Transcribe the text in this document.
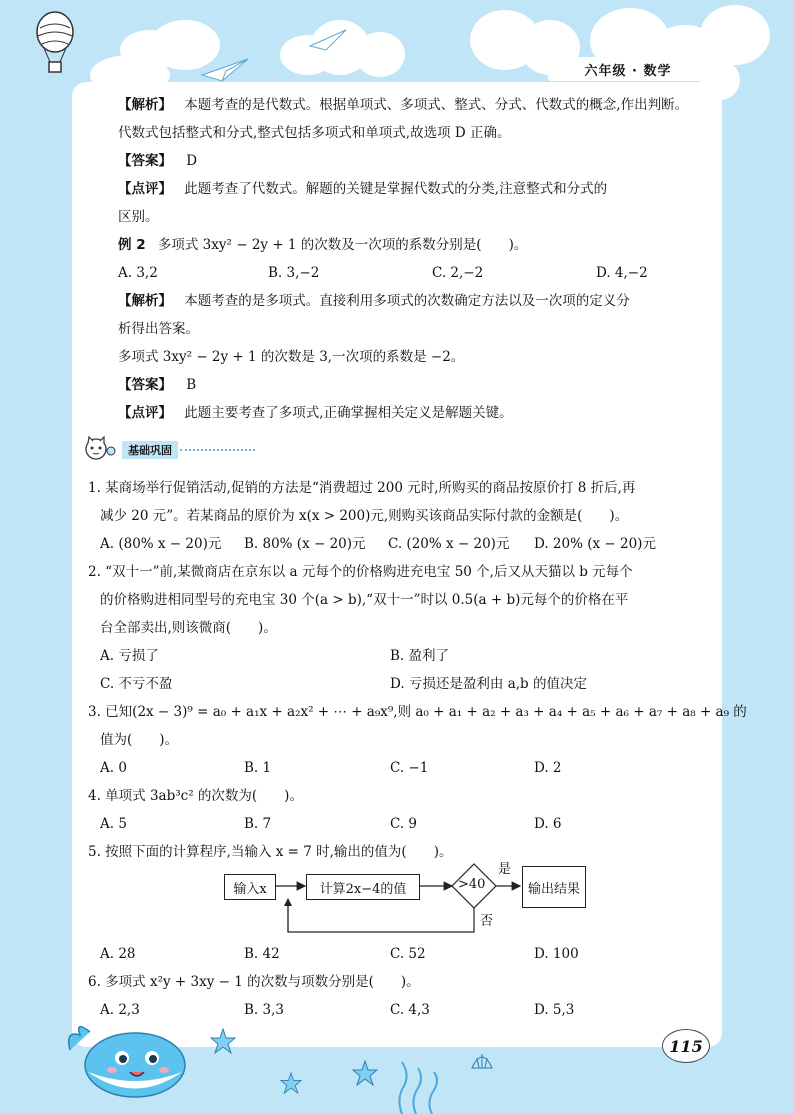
六年级 · 数学
【解析】 本题考查的是代数式。根据单项式、多项式、整式、分式、代数式的概念,作出判断。
代数式包括整式和分式,整式包括多项式和单项式,故选项 D 正确。
【答案】 D
【点评】 此题考查了代数式。解题的关键是掌握代数式的分类,注意整式和分式的
区别。
例 2 多项式 3xy² − 2y + 1 的次数及一次项的系数分别是(　　)。
A. 3,2	B. 3,−2	C. 2,−2	D. 4,−2
【解析】 本题考查的是多项式。直接利用多项式的次数确定方法以及一次项的定义分
析得出答案。
多项式 3xy² − 2y + 1 的次数是 3,一次项的系数是 −2。
【答案】 B
【点评】 此题主要考查了多项式,正确掌握相关定义是解题关键。
基础巩固
1. 某商场举行促销活动,促销的方法是“消费超过 200 元时,所购买的商品按原价打 8 折后,再
减少 20 元”。若某商品的原价为 x(x > 200)元,则购买该商品实际付款的金额是(　　)。
A. (80% x − 20)元 B. 80% (x − 20)元 C. (20% x − 20)元 D. 20% (x − 20)元
2. “双十一”前,某微商店在京东以 a 元每个的价格购进充电宝 50 个,后又从天猫以 b 元每个
的价格购进相同型号的充电宝 30 个(a > b),“双十一”时以 0.5(a + b)元每个的价格在平
台全部卖出,则该微商(　　)。
A. 亏损了	B. 盈利了
C. 不亏不盈	D. 亏损还是盈利由 a,b 的值决定
3. 已知(2x − 3)⁹ = a₀ + a₁x + a₂x² + ⋯ + a₉x⁹,则 a₀ + a₁ + a₂ + a₃ + a₄ + a₅ + a₆ + a₇ + a₈ + a₉ 的
值为(　　)。
A. 0	B. 1	C. −1	D. 2
4. 单项式 3ab³c² 的次数为(　　)。
A. 5	B. 7	C. 9	D. 6
5. 按照下面的计算程序,当输入 x = 7 时,输出的值为(　　)。
A. 28	B. 42	C. 52	D. 100
6. 多项式 x²y + 3xy − 1 的次数与项数分别是(　　)。
A. 2,3	B. 3,3	C. 4,3	D. 5,3
输入x	计算2x−4的值	>40
是
否
输出结果
115
